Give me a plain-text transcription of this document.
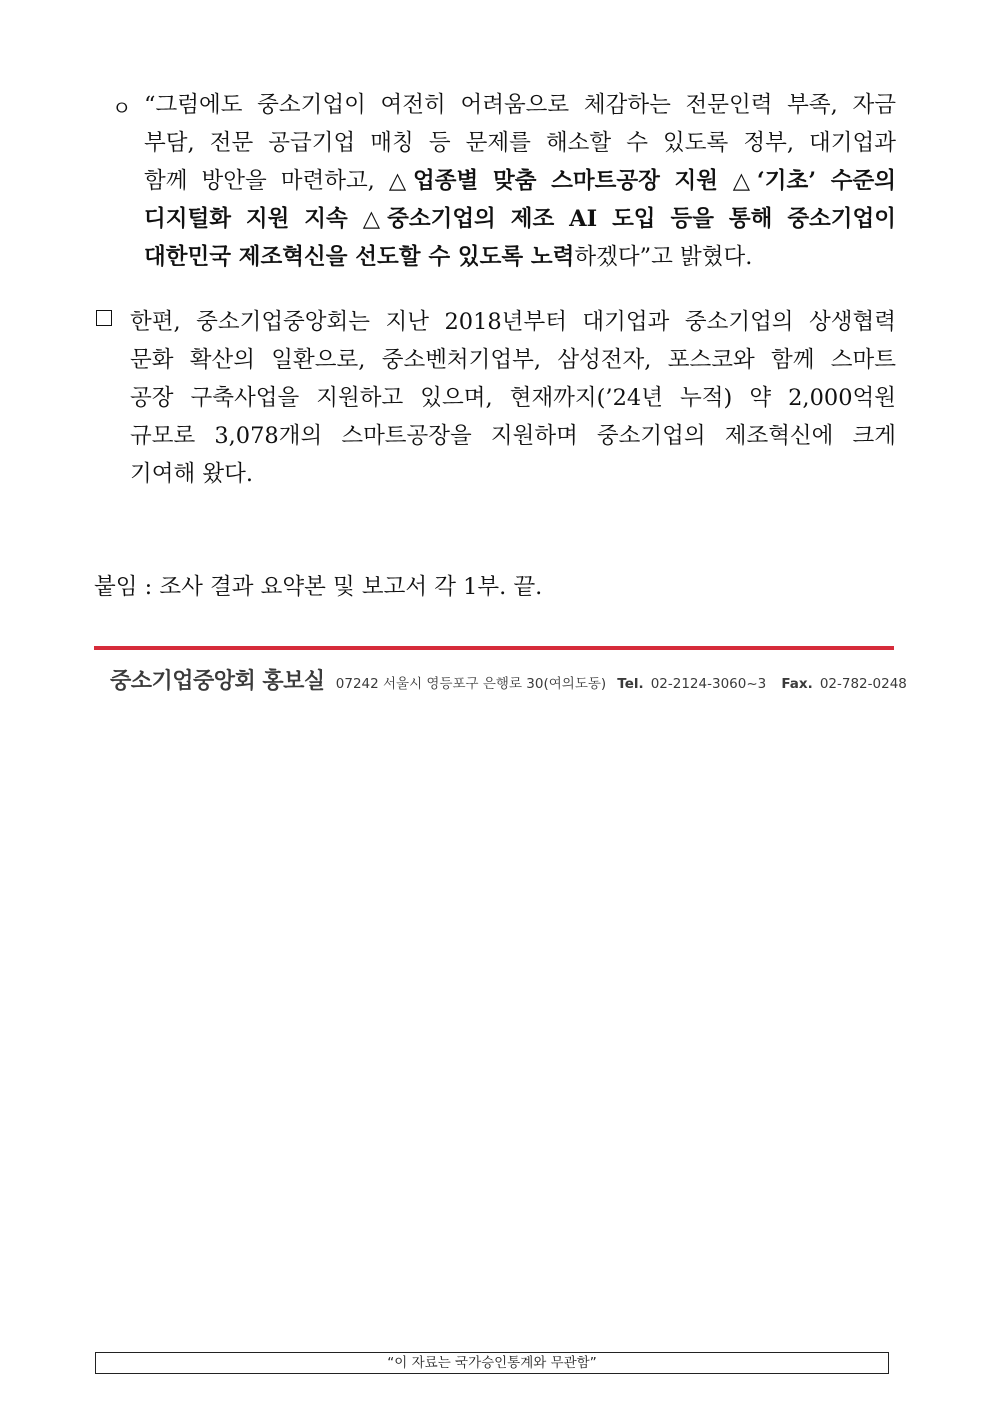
ㅇ “그럼에도 중소기업이 여전히 어려움으로 체감하는 전문인력 부족, 자금
부담, 전문 공급기업 매칭 등 문제를 해소할 수 있도록 정부, 대기업과
함께 방안을 마련하고, △업종별 맞춤 스마트공장 지원 △‘기초’ 수준의
디지털화 지원 지속 △중소기업의 제조 AI 도입 등을 통해 중소기업이
대한민국 제조혁신을 선도할 수 있도록 노력하겠다”고 밝혔다.
한편, 중소기업중앙회는 지난 2018년부터 대기업과 중소기업의 상생협력
문화 확산의 일환으로, 중소벤처기업부, 삼성전자, 포스코와 함께 스마트
공장 구축사업을 지원하고 있으며, 현재까지(’24년 누적) 약 2,000억원
규모로 3,078개의 스마트공장을 지원하며 중소기업의 제조혁신에 크게
기여해 왔다.
붙임 : 조사 결과 요약본 및 보고서 각 1부. 끝.
중소기업중앙회 홍보실 07242 서울시 영등포구 은행로 30(여의도동) Tel. 02-2124-3060~3 Fax. 02-782-0248
“이 자료는 국가승인통계와 무관함”
